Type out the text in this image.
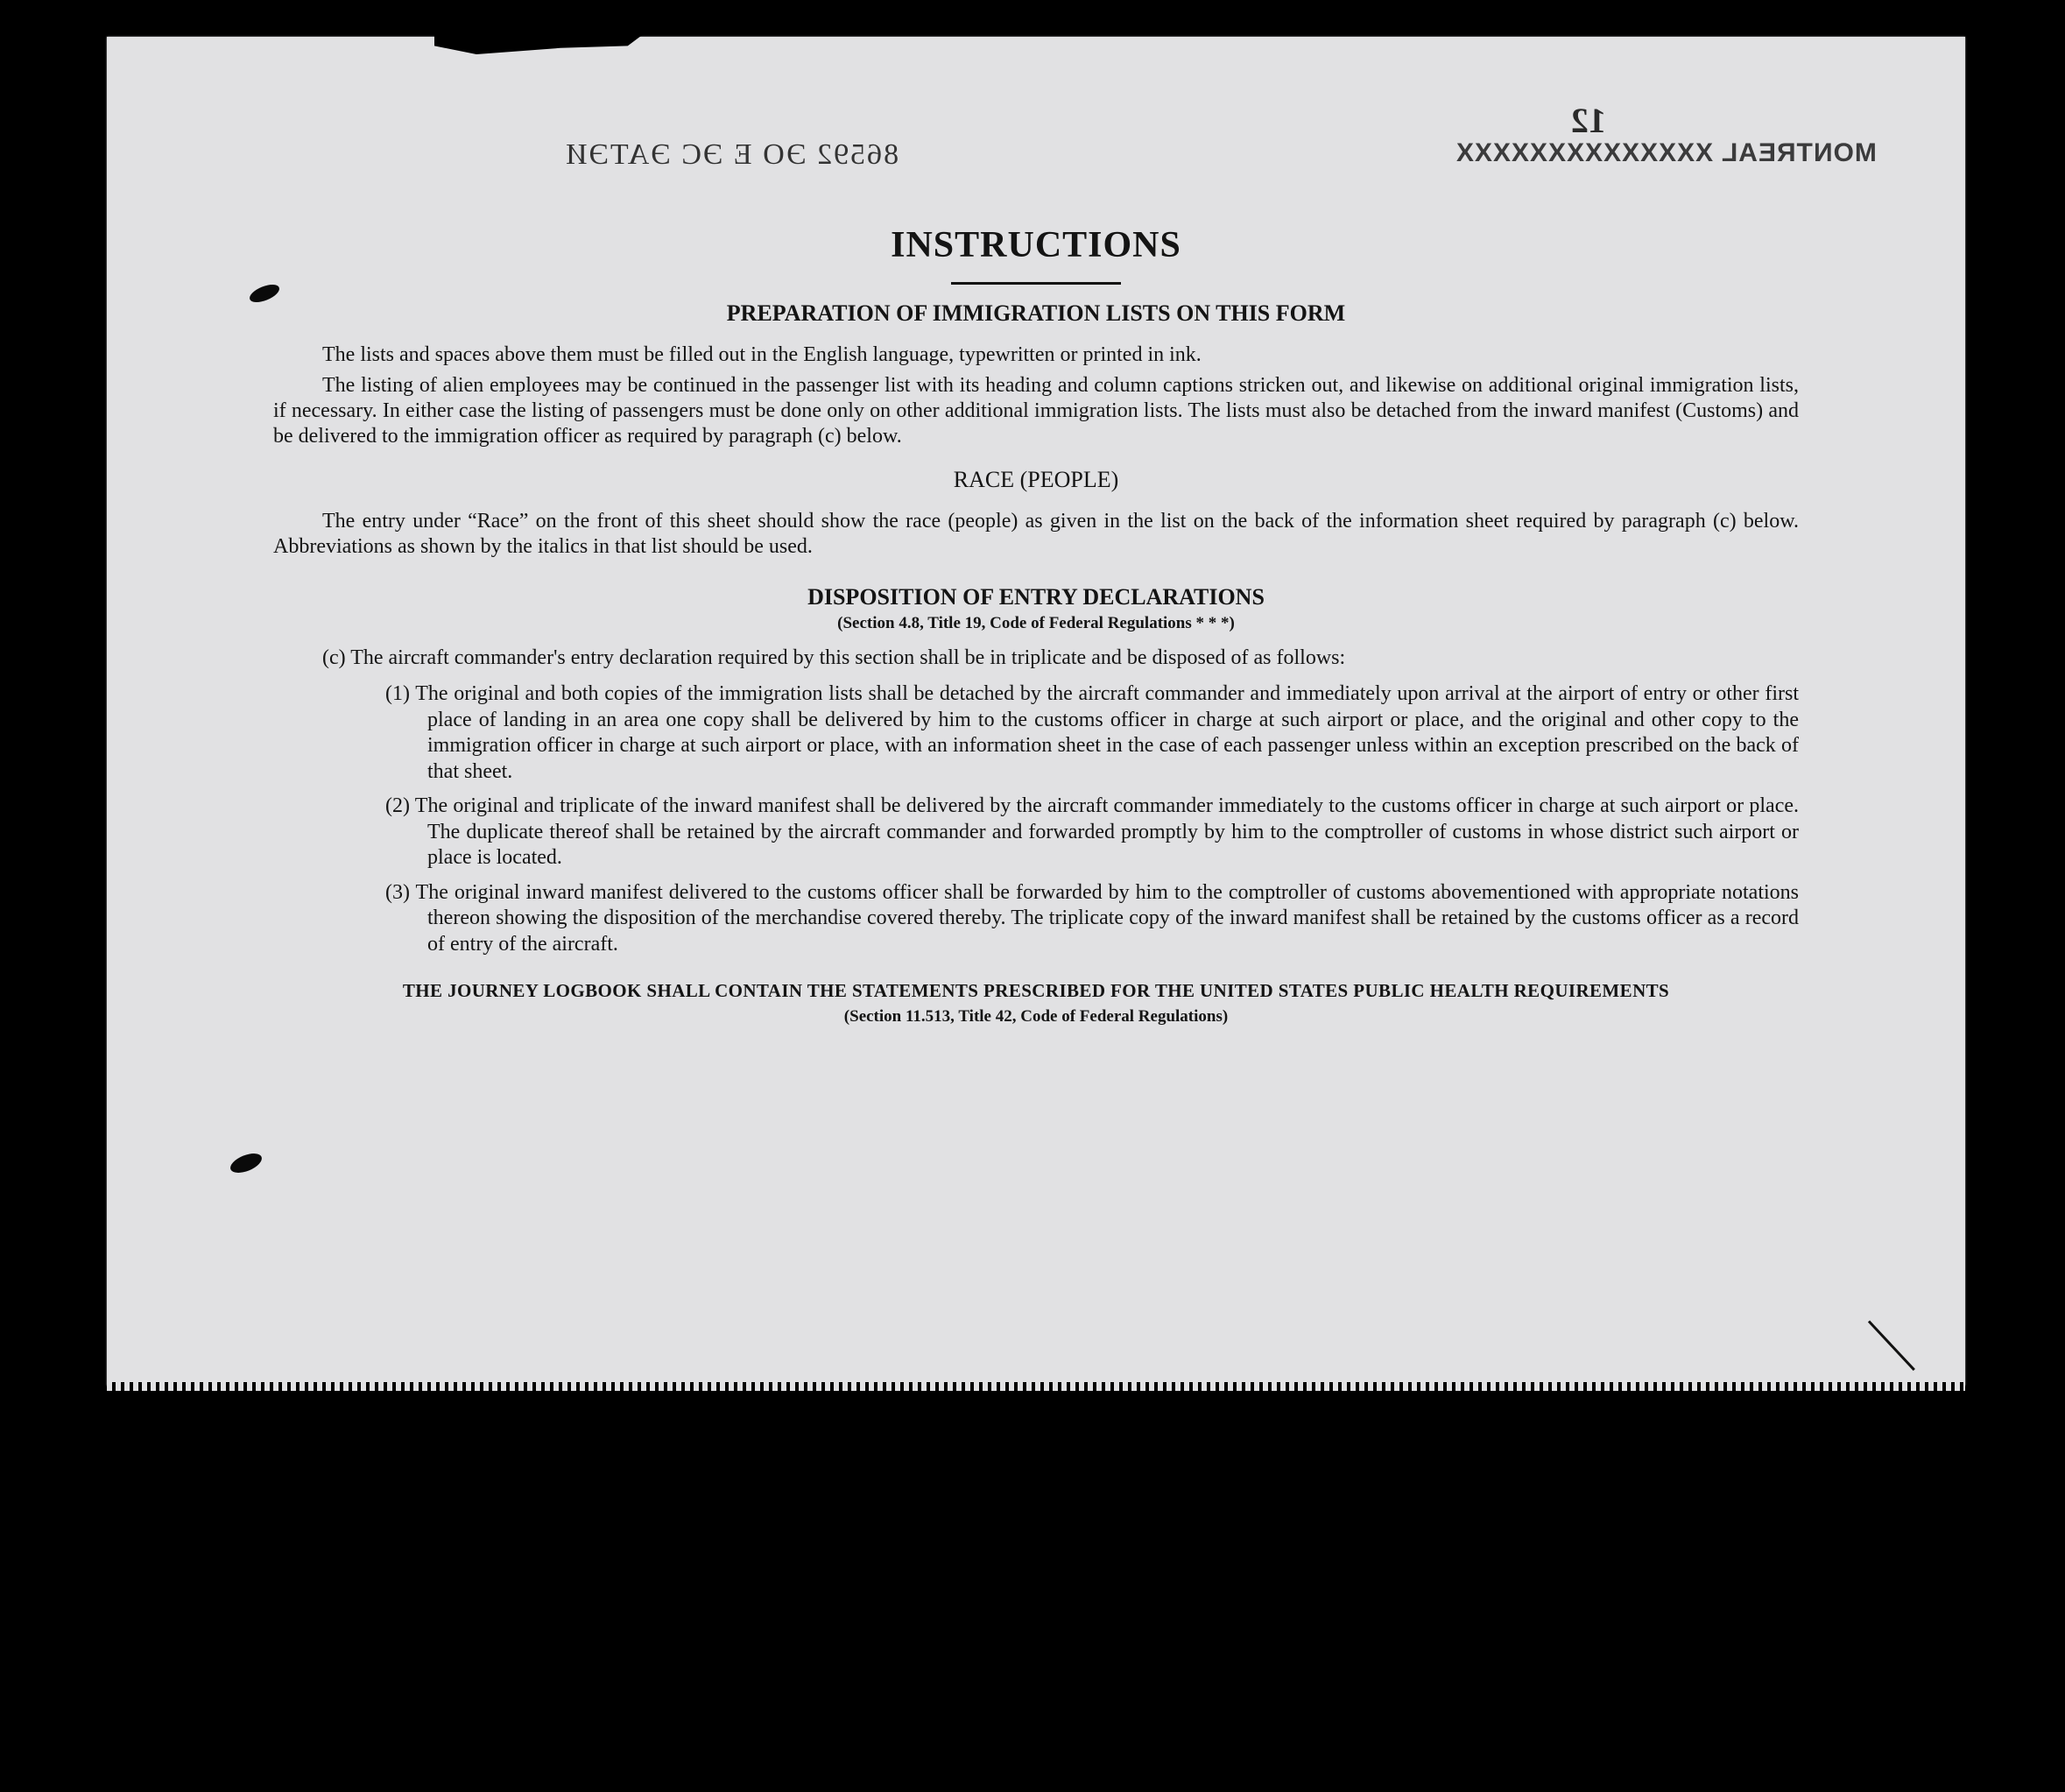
86592 ЭО Е ЭС ЭАТЭИ
12
MONTREAL XXXXXXXXXXXXXX
INSTRUCTIONS
PREPARATION OF IMMIGRATION LISTS ON THIS FORM

The lists and spaces above them must be filled out in the English language, typewritten or printed in ink.

The listing of alien employees may be continued in the passenger list with its heading and column captions stricken out, and likewise on additional original immigration lists, if necessary. In either case the listing of passengers must be done only on other additional immigration lists. The lists must also be detached from the inward manifest (Customs) and be delivered to the immigration officer as required by paragraph (c) below.

RACE (PEOPLE)

The entry under “Race” on the front of this sheet should show the race (people) as given in the list on the back of the information sheet required by paragraph (c) below. Abbreviations as shown by the italics in that list should be used.

DISPOSITION OF ENTRY DECLARATIONS
(Section 4.8, Title 19, Code of Federal Regulations * * *)

(c) The aircraft commander's entry declaration required by this section shall be in triplicate and be disposed of as follows:

(1) The original and both copies of the immigration lists shall be detached by the aircraft commander and immediately upon arrival at the airport of entry or other first place of landing in an area one copy shall be delivered by him to the customs officer in charge at such airport or place, and the original and other copy to the immigration officer in charge at such airport or place, with an information sheet in the case of each passenger unless within an exception prescribed on the back of that sheet.
(2) The original and triplicate of the inward manifest shall be delivered by the aircraft commander immediately to the customs officer in charge at such airport or place. The duplicate thereof shall be retained by the aircraft commander and forwarded promptly by him to the comptroller of customs in whose district such airport or place is located.
(3) The original inward manifest delivered to the customs officer shall be forwarded by him to the comptroller of customs abovementioned with appropriate notations thereon showing the disposition of the merchandise covered thereby. The triplicate copy of the inward manifest shall be retained by the customs officer as a record of entry of the aircraft.
THE JOURNEY LOGBOOK SHALL CONTAIN THE STATEMENTS PRESCRIBED FOR THE UNITED STATES PUBLIC HEALTH REQUIREMENTS
(Section 11.513, Title 42, Code of Federal Regulations)
